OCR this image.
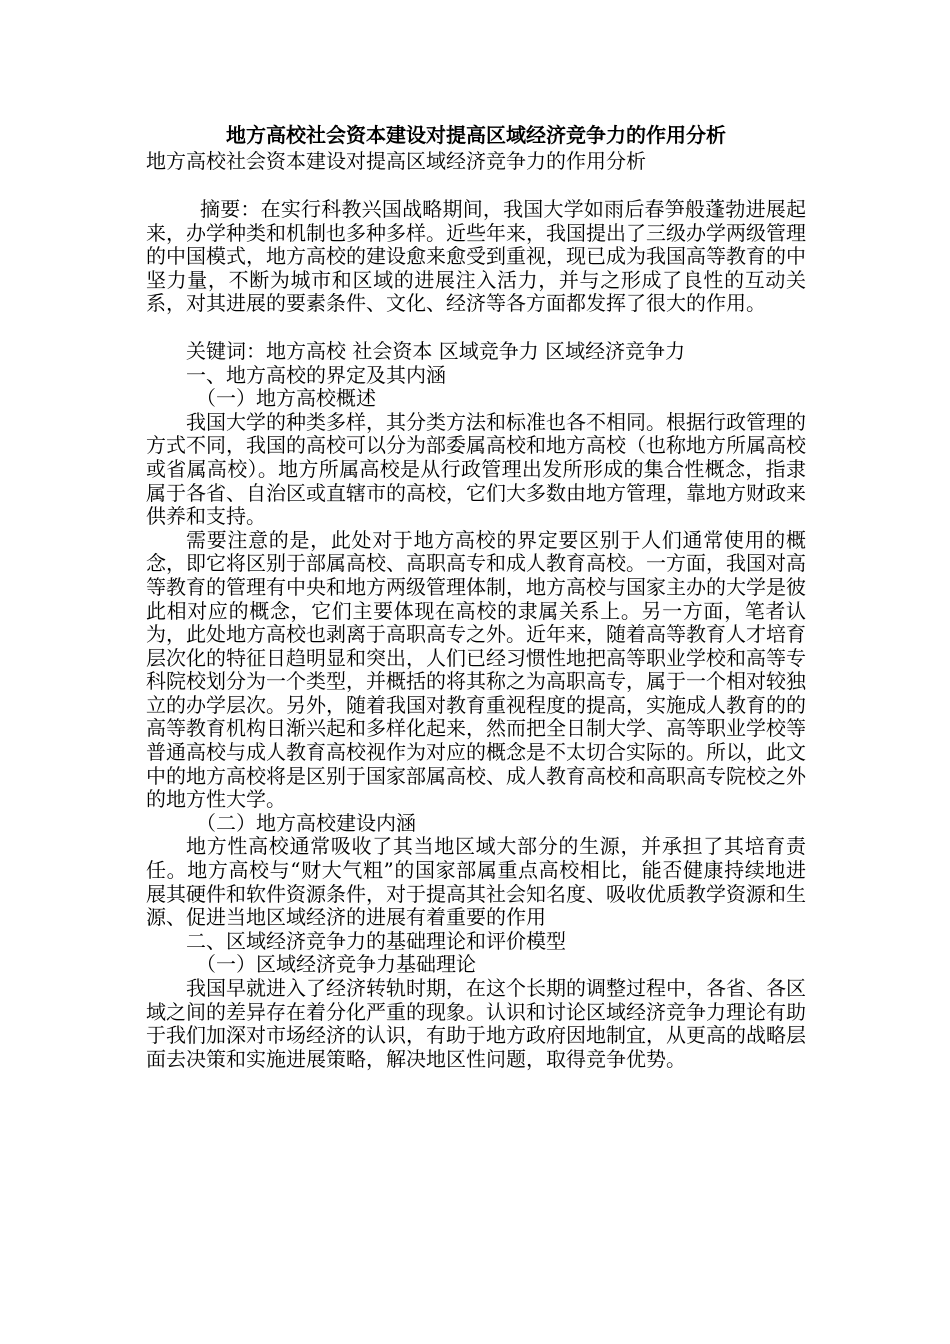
地方高校社会资本建设对提高区域经济竞争力的作用分析

地方高校社会资本建设对提高区域经济竞争力的作用分析

摘要：在实行科教兴国战略期间，我国大学如雨后春笋般蓬勃进展起来，办学种类和机制也多种多样。近些年来，我国提出了三级办学两级管理的中国模式，地方高校的建设愈来愈受到重视，现已成为我国高等教育的中坚力量，不断为城市和区域的进展注入活力，并与之形成了良性的互动关系，对其进展的要素条件、文化、经济等各方面都发挥了很大的作用。

关键词：地方高校 社会资本 区域竞争力 区域经济竞争力

一、地方高校的界定及其内涵

（一）地方高校概述

我国大学的种类多样，其分类方法和标准也各不相同。根据行政管理的方式不同，我国的高校可以分为部委属高校和地方高校（也称地方所属高校或省属高校）。地方所属高校是从行政管理出发所形成的集合性概念，指隶属于各省、自治区或直辖市的高校，它们大多数由地方管理，靠地方财政来供养和支持。

需要注意的是，此处对于地方高校的界定要区别于人们通常使用的概念，即它将区别于部属高校、高职高专和成人教育高校。一方面，我国对高等教育的管理有中央和地方两级管理体制，地方高校与国家主办的大学是彼此相对应的概念，它们主要体现在高校的隶属关系上。另一方面，笔者认为，此处地方高校也剥离于高职高专之外。近年来，随着高等教育人才培育层次化的特征日趋明显和突出，人们已经习惯性地把高等职业学校和高等专科院校划分为一个类型，并概括的将其称之为高职高专，属于一个相对较独立的办学层次。另外，随着我国对教育重视程度的提高，实施成人教育的的高等教育机构日渐兴起和多样化起来，然而把全日制大学、高等职业学校等普通高校与成人教育高校视作为对应的概念是不太切合实际的。所以，此文中的地方高校将是区别于国家部属高校、成人教育高校和高职高专院校之外的地方性大学。

（二）地方高校建设内涵

地方性高校通常吸收了其当地区域大部分的生源，并承担了其培育责任。地方高校与“财大气粗”的国家部属重点高校相比，能否健康持续地进展其硬件和软件资源条件，对于提高其社会知名度、吸收优质教学资源和生源、促进当地区域经济的进展有着重要的作用

二、区域经济竞争力的基础理论和评价模型

（一）区域经济竞争力基础理论

我国早就进入了经济转轨时期，在这个长期的调整过程中，各省、各区域之间的差异存在着分化严重的现象。认识和讨论区域经济竞争力理论有助于我们加深对市场经济的认识，有助于地方政府因地制宜，从更高的战略层面去决策和实施进展策略，解决地区性问题，取得竞争优势。
